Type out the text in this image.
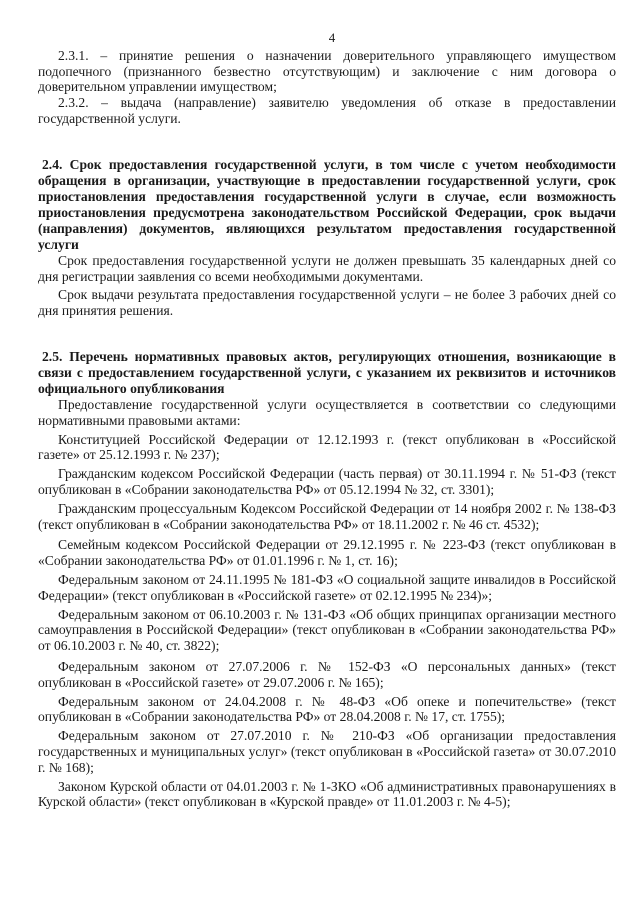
4

2.3.1. – принятие решения о назначении доверительного управляющего имуществом подопечного (признанного безвестно отсутствующим) и заключение с ним договора о доверительном управлении имуществом;

2.3.2. – выдача (направление) заявителю уведомления об отказе в предоставлении государственной услуги.

2.4. Срок предоставления государственной услуги, в том числе с учетом необходимости обращения в организации, участвующие в предоставлении государственной услуги, срок приостановления предоставления государственной услуги в случае, если возможность приостановления предусмотрена законодательством Российской Федерации, срок выдачи (направления) документов, являющихся результатом предоставления государственной услуги

Срок предоставления государственной услуги не должен превышать 35 календарных дней со дня регистрации заявления со всеми необходимыми документами.

Срок выдачи результата предоставления государственной услуги – не более 3 рабочих дней со дня принятия решения.

2.5. Перечень нормативных правовых актов, регулирующих отношения, возникающие в связи с предоставлением государственной услуги, с указанием их реквизитов и источников официального опубликования

Предоставление государственной услуги осуществляется в соответствии со следующими нормативными правовыми актами:

Конституцией Российской Федерации от 12.12.1993 г. (текст опубликован в «Российской газете» от 25.12.1993 г. № 237);

Гражданским кодексом Российской Федерации (часть первая) от 30.11.1994 г. № 51-ФЗ (текст опубликован в «Собрании законодательства РФ» от 05.12.1994 № 32, ст. 3301);

Гражданским процессуальным Кодексом Российской Федерации от 14 ноября 2002 г. № 138-ФЗ (текст опубликован в «Собрании законодательства РФ» от 18.11.2002 г. № 46 ст. 4532);

Семейным кодексом Российской Федерации от 29.12.1995 г. № 223-ФЗ (текст опубликован в «Собрании законодательства РФ» от 01.01.1996 г. № 1, ст. 16);

Федеральным законом от 24.11.1995 № 181-ФЗ «О социальной защите инвалидов в Российской Федерации» (текст опубликован в «Российской газете» от 02.12.1995 № 234)»;

Федеральным законом от 06.10.2003 г. № 131-ФЗ «Об общих принципах организации местного самоуправления в Российской Федерации» (текст опубликован в «Собрании законодательства РФ» от 06.10.2003 г. № 40, ст. 3822);

Федеральным законом от 27.07.2006 г. № 152-ФЗ «О персональных данных» (текст опубликован в «Российской газете» от 29.07.2006 г. № 165);

Федеральным законом от 24.04.2008 г. № 48-ФЗ «Об опеке и попечительстве» (текст опубликован в «Собрании законодательства РФ» от 28.04.2008 г. № 17, ст. 1755);

Федеральным законом от 27.07.2010 г. № 210-ФЗ «Об организации предоставления государственных и муниципальных услуг» (текст опубликован в «Российской газета» от 30.07.2010 г. № 168);

Законом Курской области от 04.01.2003 г. № 1-ЗКО «Об административных правонарушениях в Курской области» (текст опубликован в «Курской правде» от 11.01.2003 г. № 4-5);
